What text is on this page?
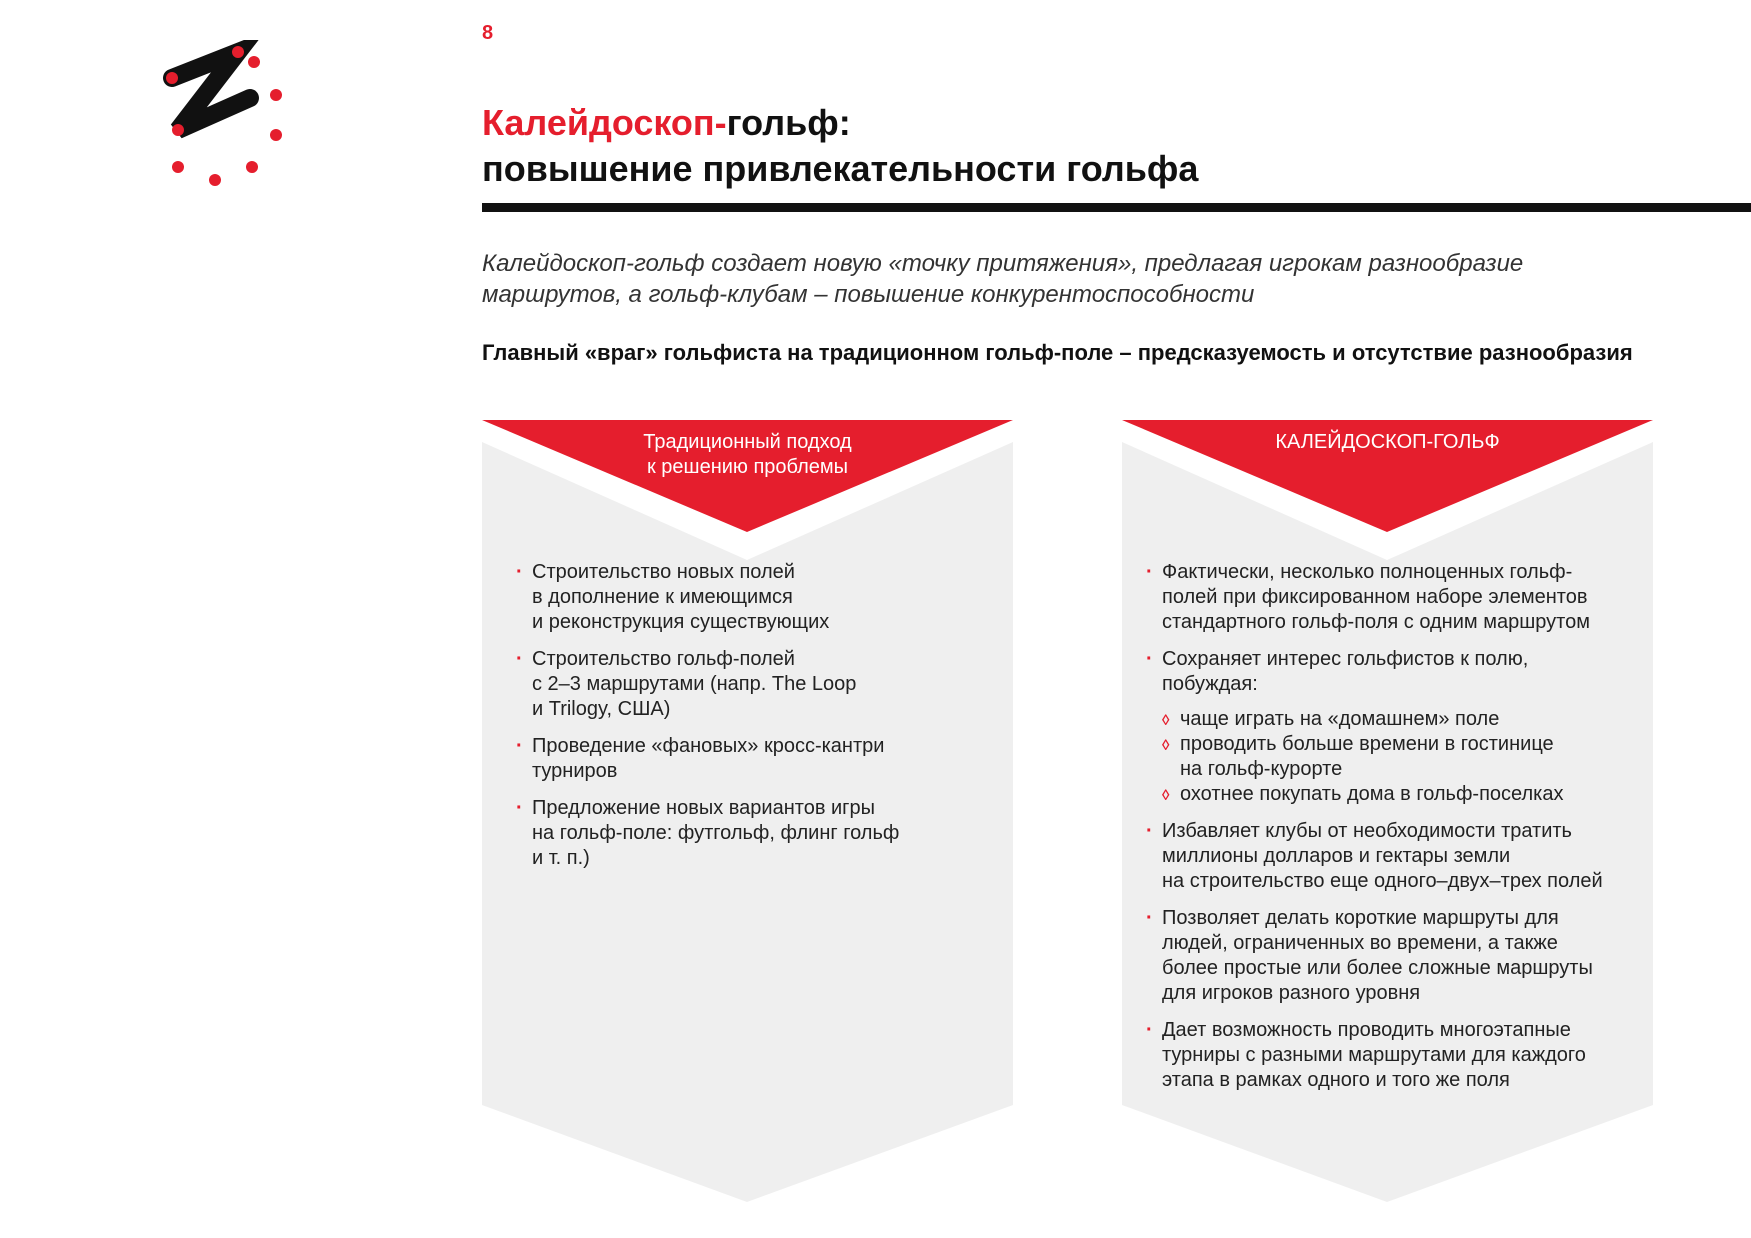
8
Калейдоскоп-гольф:
повышение привлекательности гольфа

Калейдоскоп-гольф создает новую «точку притяжения», предлагая игрокам разнообразие
маршрутов, а гольф-клубам – повышение конкурентоспособности

Главный «враг» гольфиста на традиционном гольф-поле – предсказуемость и отсутствие разнообразия

Традиционный подход
к решению проблемы
· Строительство новых полей
в дополнение к имеющимся
и реконструкция существующих
· Строительство гольф-полей
с 2–3 маршрутами (напр. The Loop
и Trilogy, США)
· Проведение «фановых» кросс-кантри
турниров
· Предложение новых вариантов игры
на гольф-поле: футгольф, флинг гольф
и т. п.)
КАЛЕЙДОСКОП-ГОЛЬФ
· Фактически, несколько полноценных гольф-
полей при фиксированном наборе элементов
стандартного гольф-поля с одним маршрутом
· Сохраняет интерес гольфистов к полю,
побуждая:
◊ чаще играть на «домашнем» поле
◊ проводить больше времени в гостинице
на гольф-курорте
◊ охотнее покупать дома в гольф-поселках
· Избавляет клубы от необходимости тратить
миллионы долларов и гектары земли
на строительство еще одного–двух–трех полей
· Позволяет делать короткие маршруты для
людей, ограниченных во времени, а также
более простые или более сложные маршруты
для игроков разного уровня
· Дает возможность проводить многоэтапные
турниры с разными маршрутами для каждого
этапа в рамках одного и того же поля
